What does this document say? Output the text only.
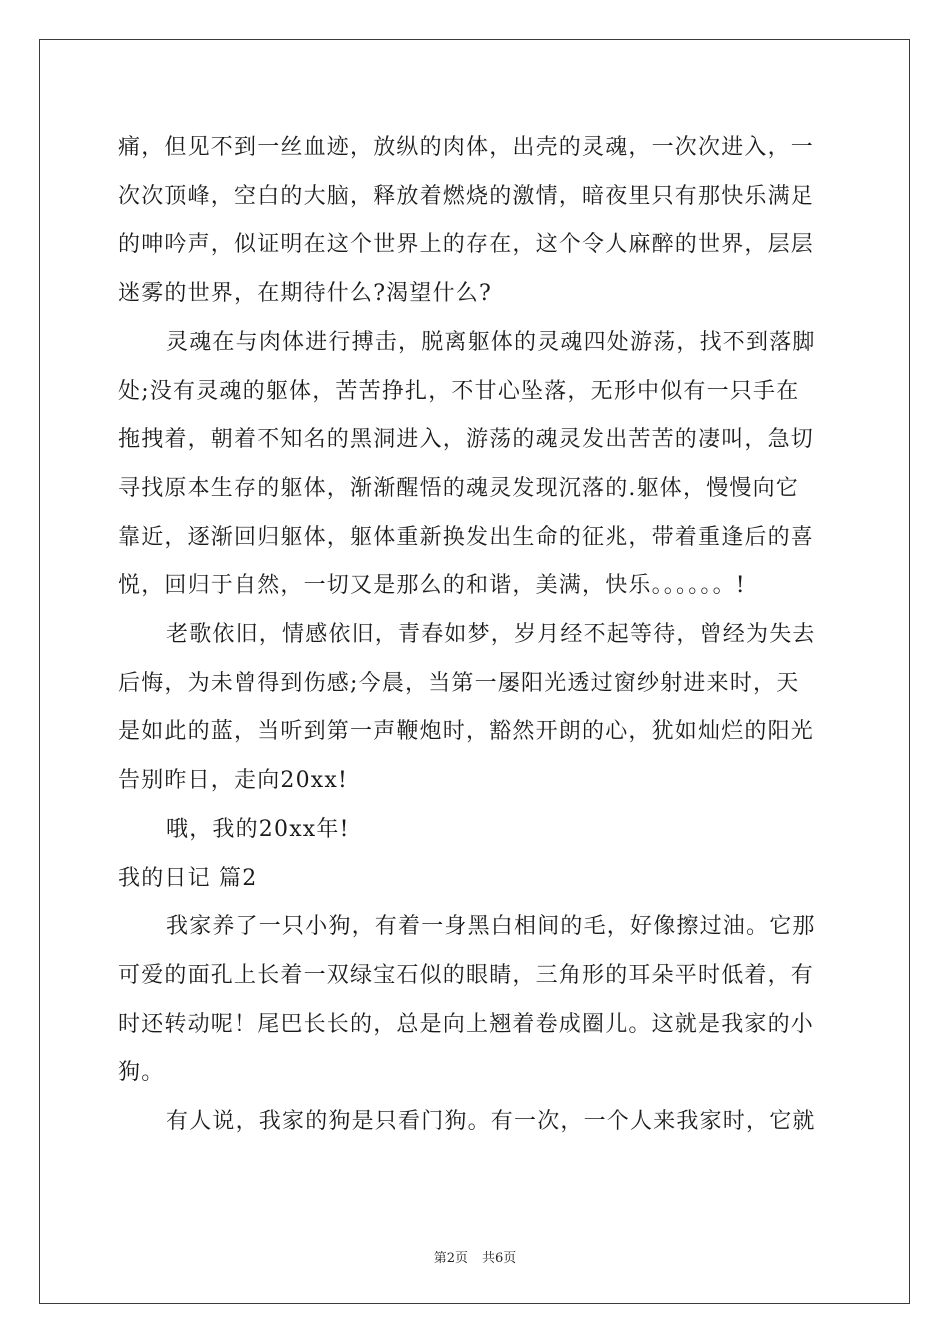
痛，但见不到一丝血迹，放纵的肉体，出壳的灵魂，一次次进入，一
次次顶峰，空白的大脑，释放着燃烧的激情，暗夜里只有那快乐满足
的呻吟声，似证明在这个世界上的存在，这个令人麻醉的世界，层层
迷雾的世界，在期待什么?渴望什么?
灵魂在与肉体进行搏击，脱离躯体的灵魂四处游荡，找不到落脚
处;没有灵魂的躯体，苦苦挣扎，不甘心坠落，无形中似有一只手在
拖拽着，朝着不知名的黑洞进入，游荡的魂灵发出苦苦的凄叫，急切
寻找原本生存的躯体，渐渐醒悟的魂灵发现沉落的.躯体，慢慢向它
靠近，逐渐回归躯体，躯体重新换发出生命的征兆，带着重逢后的喜
悦，回归于自然，一切又是那么的和谐，美满，快乐。。。。。。!
老歌依旧，情感依旧，青春如梦，岁月经不起等待，曾经为失去
后悔，为未曾得到伤感;今晨，当第一屡阳光透过窗纱射进来时，天
是如此的蓝，当听到第一声鞭炮时，豁然开朗的心，犹如灿烂的阳光
告别昨日，走向20xx!
哦，我的20xx年!
我的日记 篇2
我家养了一只小狗，有着一身黑白相间的毛，好像擦过油。它那
可爱的面孔上长着一双绿宝石似的眼睛，三角形的耳朵平时低着，有
时还转动呢！尾巴长长的，总是向上翘着卷成圈儿。这就是我家的小
狗。
有人说，我家的狗是只看门狗。有一次，一个人来我家时，它就
第2页 共6页
